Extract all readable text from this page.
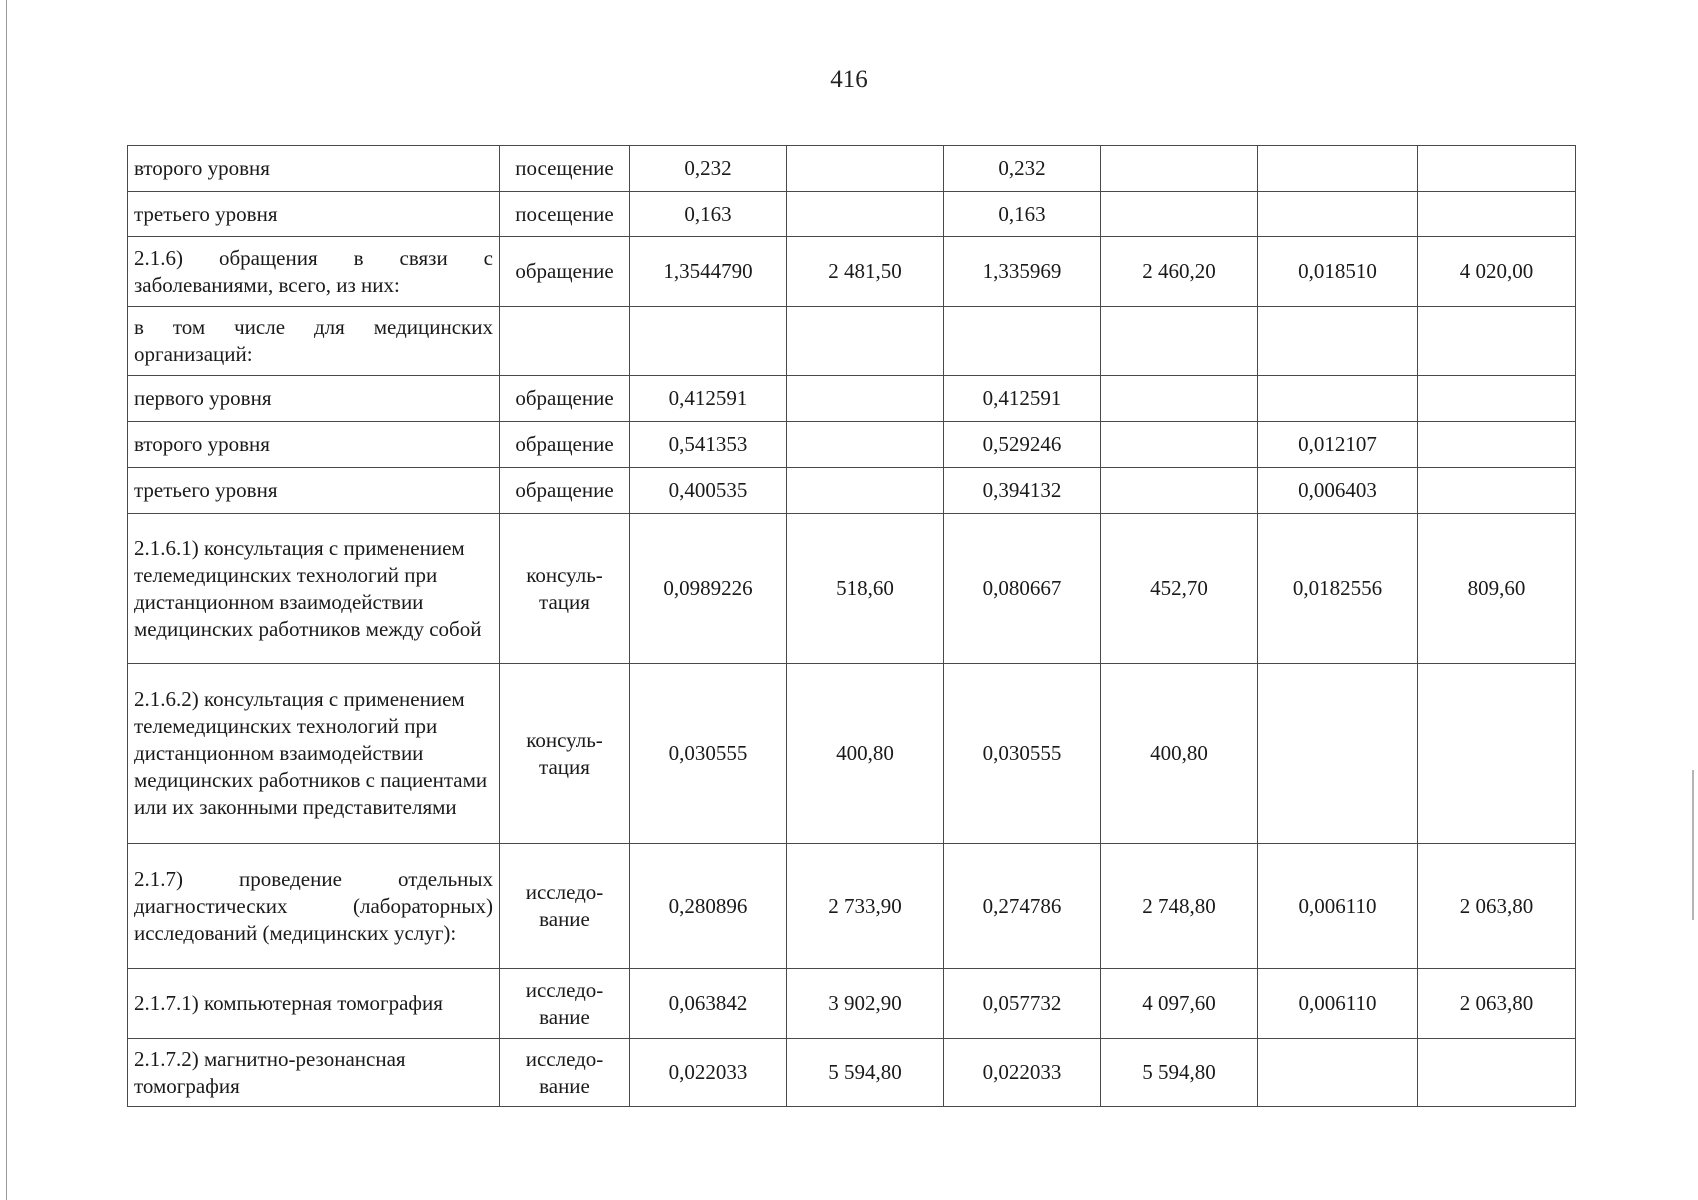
416
второго уровня	посещение	0,232		0,232			
третьего уровня	посещение	0,163		0,163			
2.1.6) обращения в связи с заболеваниями, всего, из них:	обращение	1,3544790	2 481,50	1,335969	2 460,20	0,018510	4 020,00
в том числе для медицинских организаций:							
первого уровня	обращение	0,412591		0,412591			
второго уровня	обращение	0,541353		0,529246		0,012107	
третьего уровня	обращение	0,400535		0,394132		0,006403	
2.1.6.1) консультация с применением телемедицинских технологий при дистанционном взаимодействии медицинских работников между собой	консуль-тация	0,0989226	518,60	0,080667	452,70	0,0182556	809,60
2.1.6.2) консультация с применением телемедицинских технологий при дистанционном взаимодействии медицинских работников с пациентами или их законными представителями	консуль-тация	0,030555	400,80	0,030555	400,80		
2.1.7) проведение отдельных диагностических (лабораторных) исследований (медицинских услуг):	исследо-вание	0,280896	2 733,90	0,274786	2 748,80	0,006110	2 063,80
2.1.7.1) компьютерная томография	исследо-вание	0,063842	3 902,90	0,057732	4 097,60	0,006110	2 063,80
2.1.7.2) магнитно-резонансная томография	исследо-вание	0,022033	5 594,80	0,022033	5 594,80		
